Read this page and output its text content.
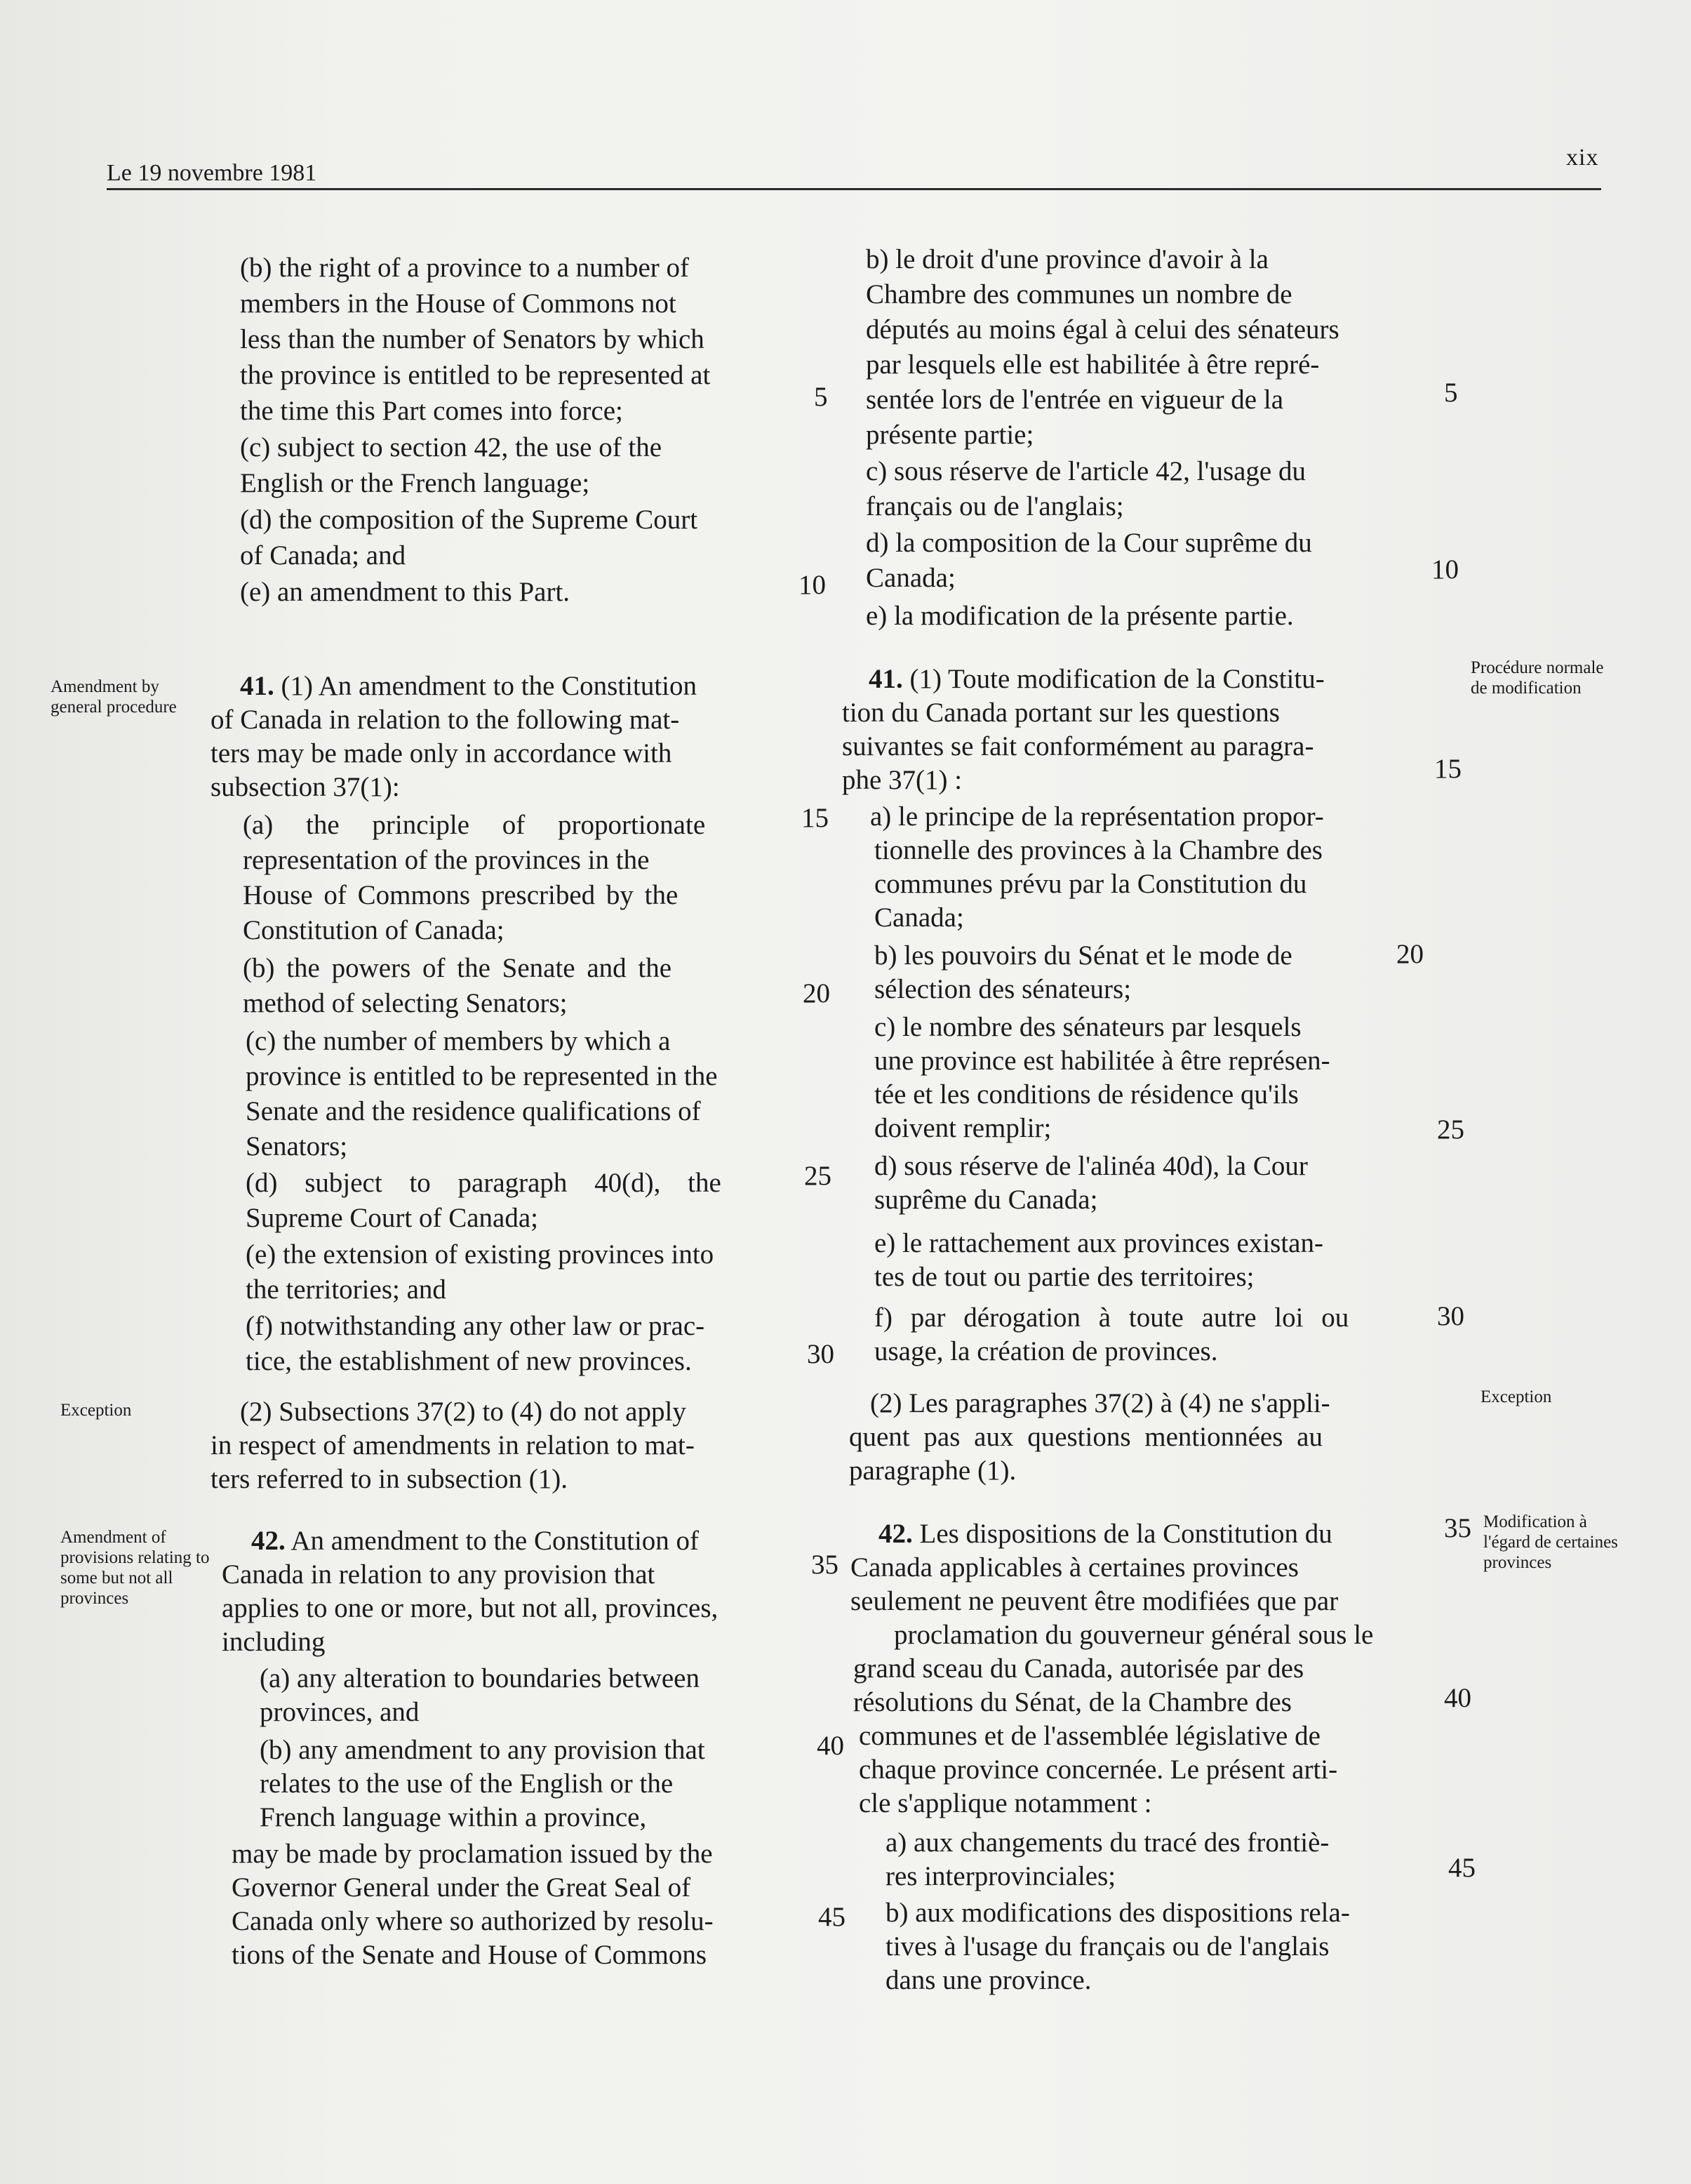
Le 19 novembre 1981
xix
Amendment by general procedure
Exception
Amendment of provisions relating to some but not all provinces
Procédure normale de modification
Exception
Modification à l'égard de certaines provinces
(b) the right of a province to a number of
members in the House of Commons not
less than the number of Senators by which
the province is entitled to be represented at
the time this Part comes into force;
(c) subject to section 42, the use of the
English or the French language;
(d) the composition of the Supreme Court
of Canada; and
(e) an amendment to this Part.
41. (1) An amendment to the Constitution
of Canada in relation to the following mat-
ters may be made only in accordance with
subsection 37(1):
(a) the principle of proportionate
representation of the provinces in the
House of Commons prescribed by the
Constitution of Canada;
(b) the powers of the Senate and the
method of selecting Senators;
(c) the number of members by which a
province is entitled to be represented in the
Senate and the residence qualifications of
Senators;
(d) subject to paragraph 40(d), the
Supreme Court of Canada;
(e) the extension of existing provinces into
the territories; and
(f) notwithstanding any other law or prac-
tice, the establishment of new provinces.
(2) Subsections 37(2) to (4) do not apply
in respect of amendments in relation to mat-
ters referred to in subsection (1).
42. An amendment to the Constitution of
Canada in relation to any provision that
applies to one or more, but not all, provinces,
including
(a) any alteration to boundaries between
provinces, and
(b) any amendment to any provision that
relates to the use of the English or the
French language within a province,
may be made by proclamation issued by the
Governor General under the Great Seal of
Canada only where so authorized by resolu-
tions of the Senate and House of Commons
5
10
15
20
25
30
35
40
45
b) le droit d'une province d'avoir à la
Chambre des communes un nombre de
députés au moins égal à celui des sénateurs
par lesquels elle est habilitée à être repré-
sentée lors de l'entrée en vigueur de la
présente partie;
c) sous réserve de l'article 42, l'usage du
français ou de l'anglais;
d) la composition de la Cour suprême du
Canada;
e) la modification de la présente partie.
41. (1) Toute modification de la Constitu-
tion du Canada portant sur les questions
suivantes se fait conformément au paragra-
phe 37(1) :
a) le principe de la représentation propor-
tionnelle des provinces à la Chambre des
communes prévu par la Constitution du
Canada;
b) les pouvoirs du Sénat et le mode de
sélection des sénateurs;
c) le nombre des sénateurs par lesquels
une province est habilitée à être représen-
tée et les conditions de résidence qu'ils
doivent remplir;
d) sous réserve de l'alinéa 40d), la Cour
suprême du Canada;
e) le rattachement aux provinces existan-
tes de tout ou partie des territoires;
f) par dérogation à toute autre loi ou
usage, la création de provinces.
(2) Les paragraphes 37(2) à (4) ne s'appli-
quent pas aux questions mentionnées au
paragraphe (1).
42. Les dispositions de la Constitution du
Canada applicables à certaines provinces
seulement ne peuvent être modifiées que par
proclamation du gouverneur général sous le
grand sceau du Canada, autorisée par des
résolutions du Sénat, de la Chambre des
communes et de l'assemblée législative de
chaque province concernée. Le présent arti-
cle s'applique notamment :
a) aux changements du tracé des frontiè-
res interprovinciales;
b) aux modifications des dispositions rela-
tives à l'usage du français ou de l'anglais
dans une province.
5
10
15
20
25
30
35
40
45
